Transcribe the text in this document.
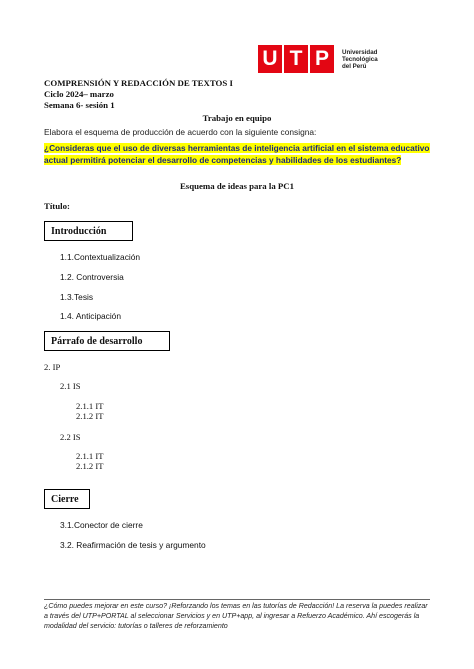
U T P	Universidad
Tecnológica
del Perú
COMPRENSIÓN Y REDACCIÓN DE TEXTOS I
Ciclo 2024– marzo
Semana 6- sesión 1
Trabajo en equipo
Elabora el esquema de producción de acuerdo con la siguiente consigna:
¿Consideras que el uso de diversas herramientas de inteligencia artificial en el sistema educativo actual permitirá potenciar el desarrollo de competencias y habilidades de los estudiantes?
Esquema de ideas para la PC1
Título:
Introducción
1.1.Contextualización
1.2. Controversia
1.3.Tesis
1.4. Anticipación
Párrafo de desarrollo
2. IP
2.1 IS
2.1.1 IT
2.1.2 IT
2.2 IS
2.1.1 IT
2.1.2 IT
Cierre
3.1.Conector de cierre
3.2. Reafirmación de tesis y argumento
¿Cómo puedes mejorar en este curso? ¡Reforzando los temas en las tutorías de Redacción! La reserva la puedes realizar a través del UTP+PORTAL al seleccionar Servicios y en UTP+app, al ingresar a Refuerzo Académico. Ahí escogerás la modalidad del servicio: tutorías o talleres de reforzamiento
